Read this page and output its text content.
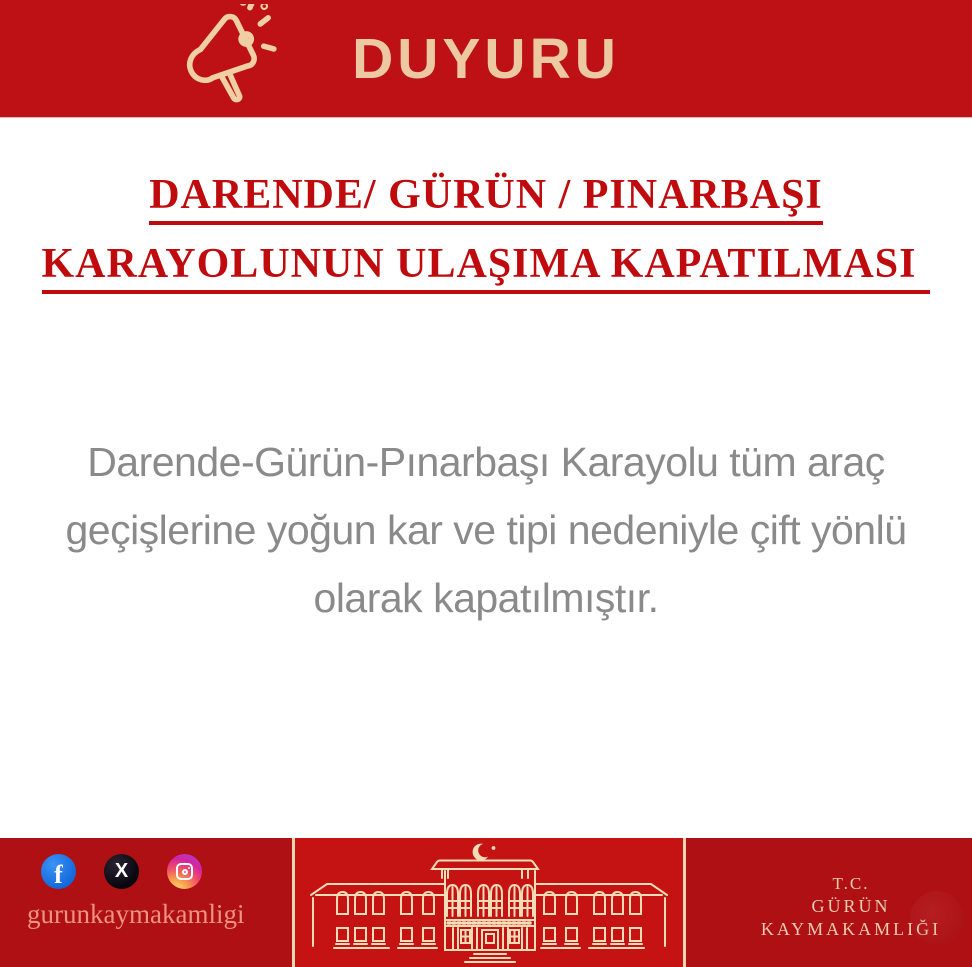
DUYURU
DARENDE/ GÜRÜN / PINARBAŞI
KARAYOLUNUN ULAŞIMA KAPATILMASI
Darende-Gürün-Pınarbaşı Karayolu tüm araç
geçişlerine yoğun kar ve tipi nedeniyle çift yönlü
olarak kapatılmıştır.
f	X
gurunkaymakamligi
T.C.
GÜRÜN
KAYMAKAMLIĞI
